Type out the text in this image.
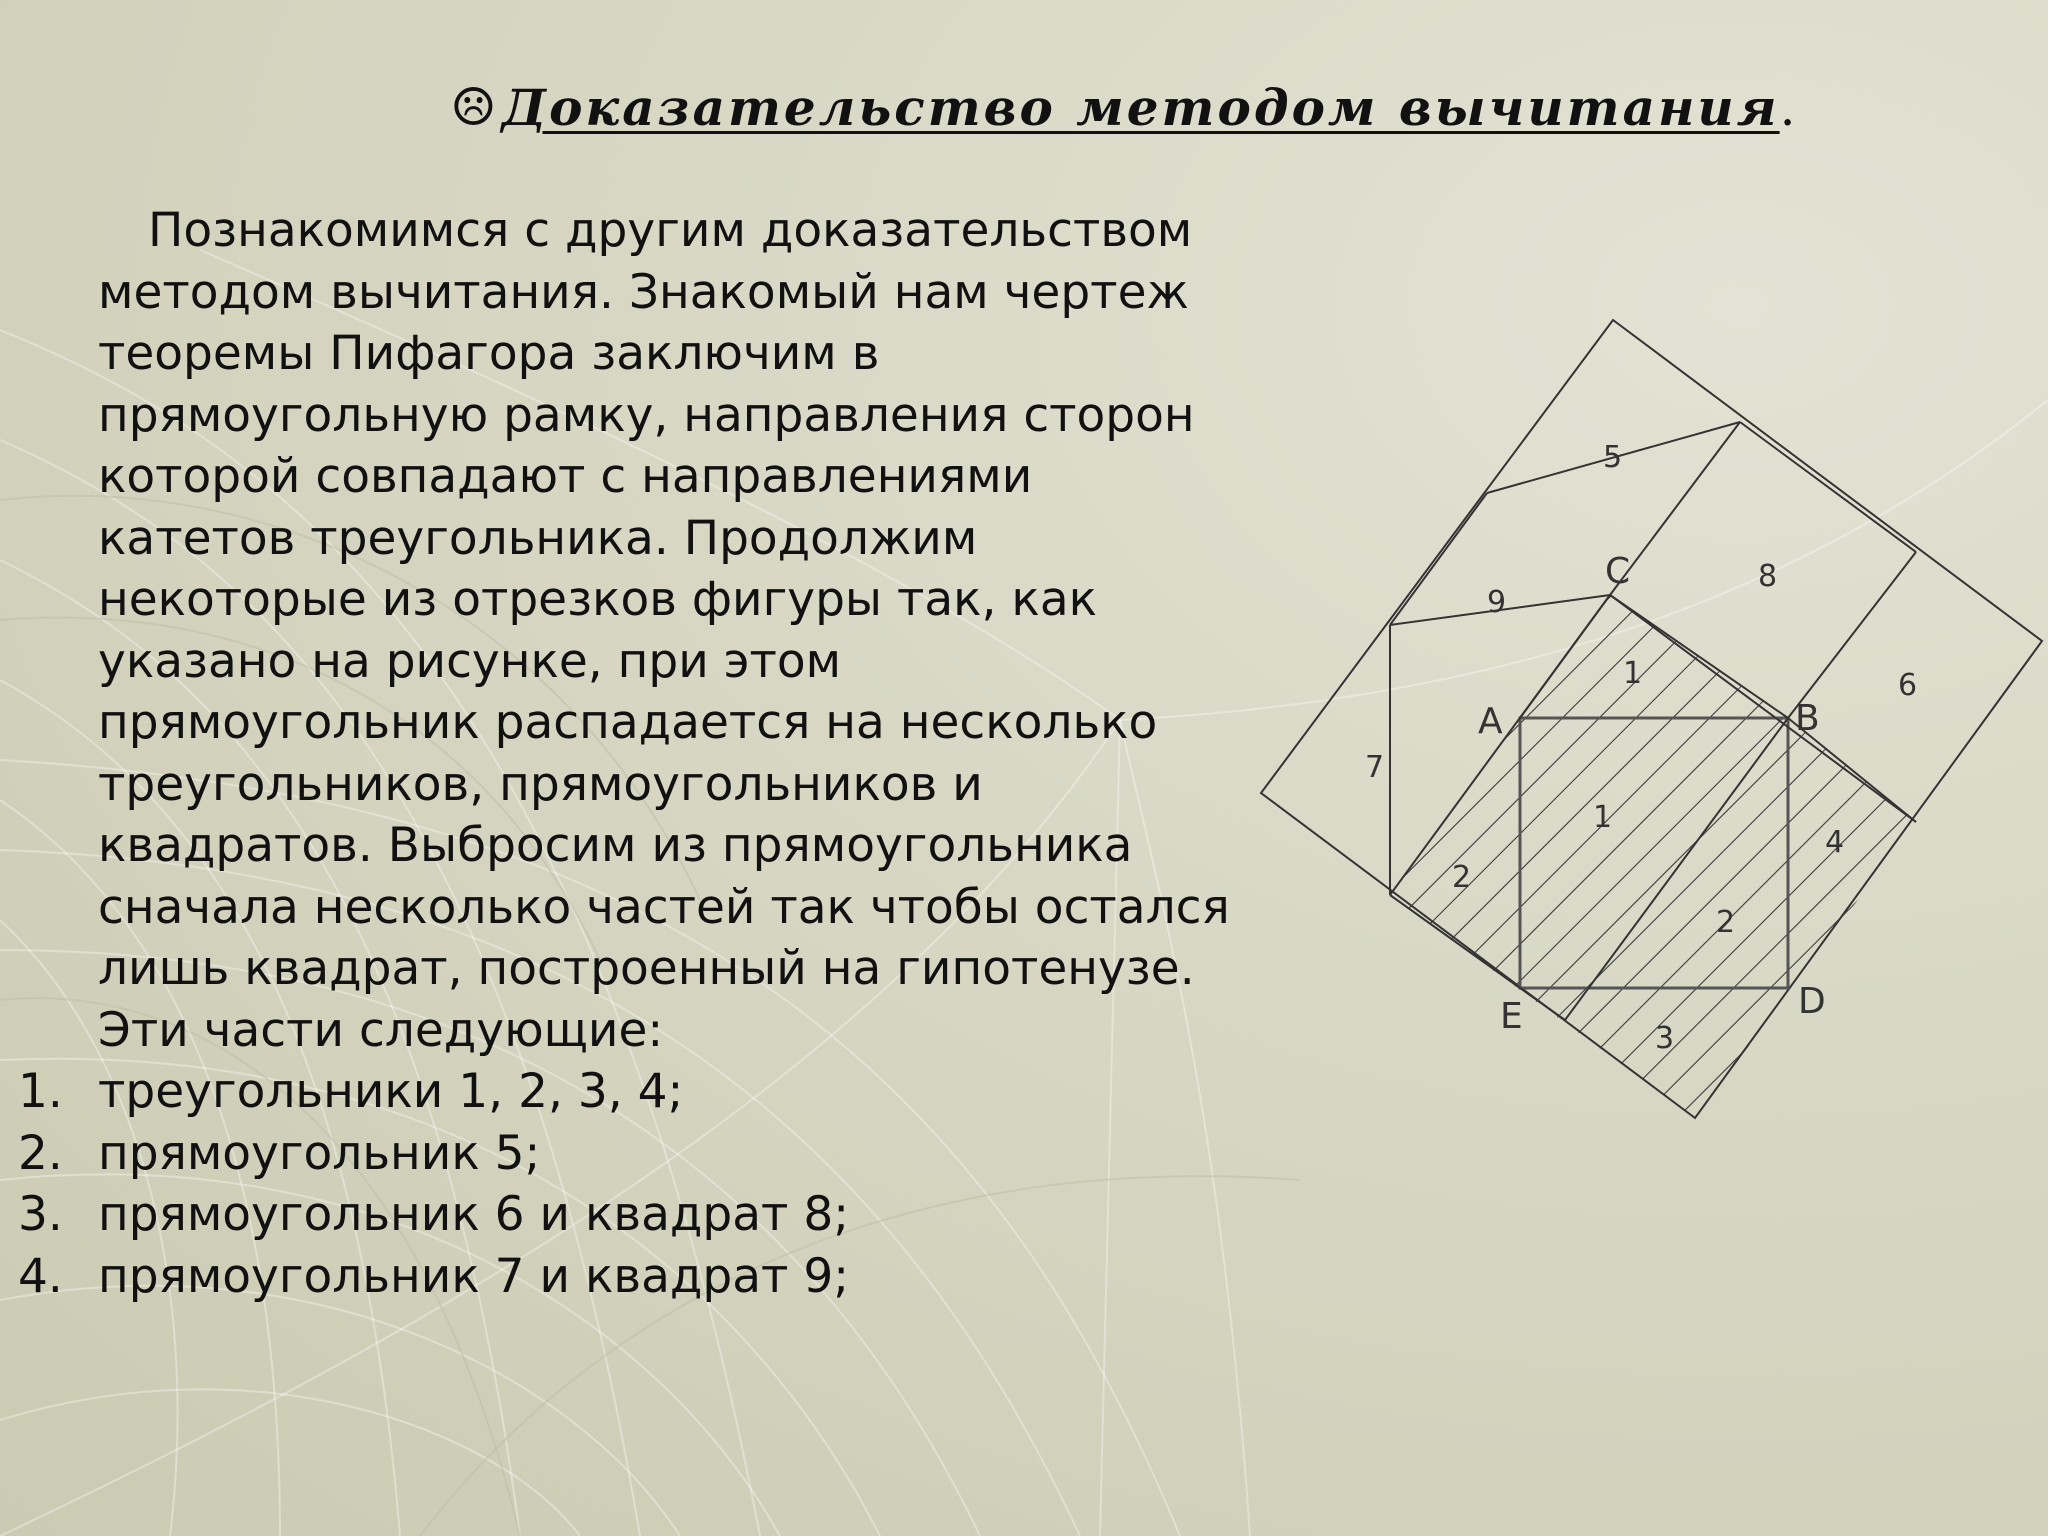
☹Доказательство методом вычитания.

Познакомимся с другим доказательством
методом вычитания. Знакомый нам чертеж
теоремы Пифагора заключим в
прямоугольную рамку, направления сторон
которой совпадают с направлениями
катетов треугольника. Продолжим
некоторые из отрезков фигуры так, как
указано на рисунке, при этом
прямоугольник распадается на несколько
треугольников, прямоугольников и
квадратов. Выбросим из прямоугольника
сначала несколько частей так чтобы остался
лишь квадрат, построенный на гипотенузе.
Эти части следующие:

1. треугольники 1, 2, 3, 4;
2. прямоугольник 5;
3. прямоугольник 6 и квадрат 8;
4. прямоугольник 7 и квадрат 9;
C
A	B
D
E
5
8
9
6
7
1
1
2
2
3
4
